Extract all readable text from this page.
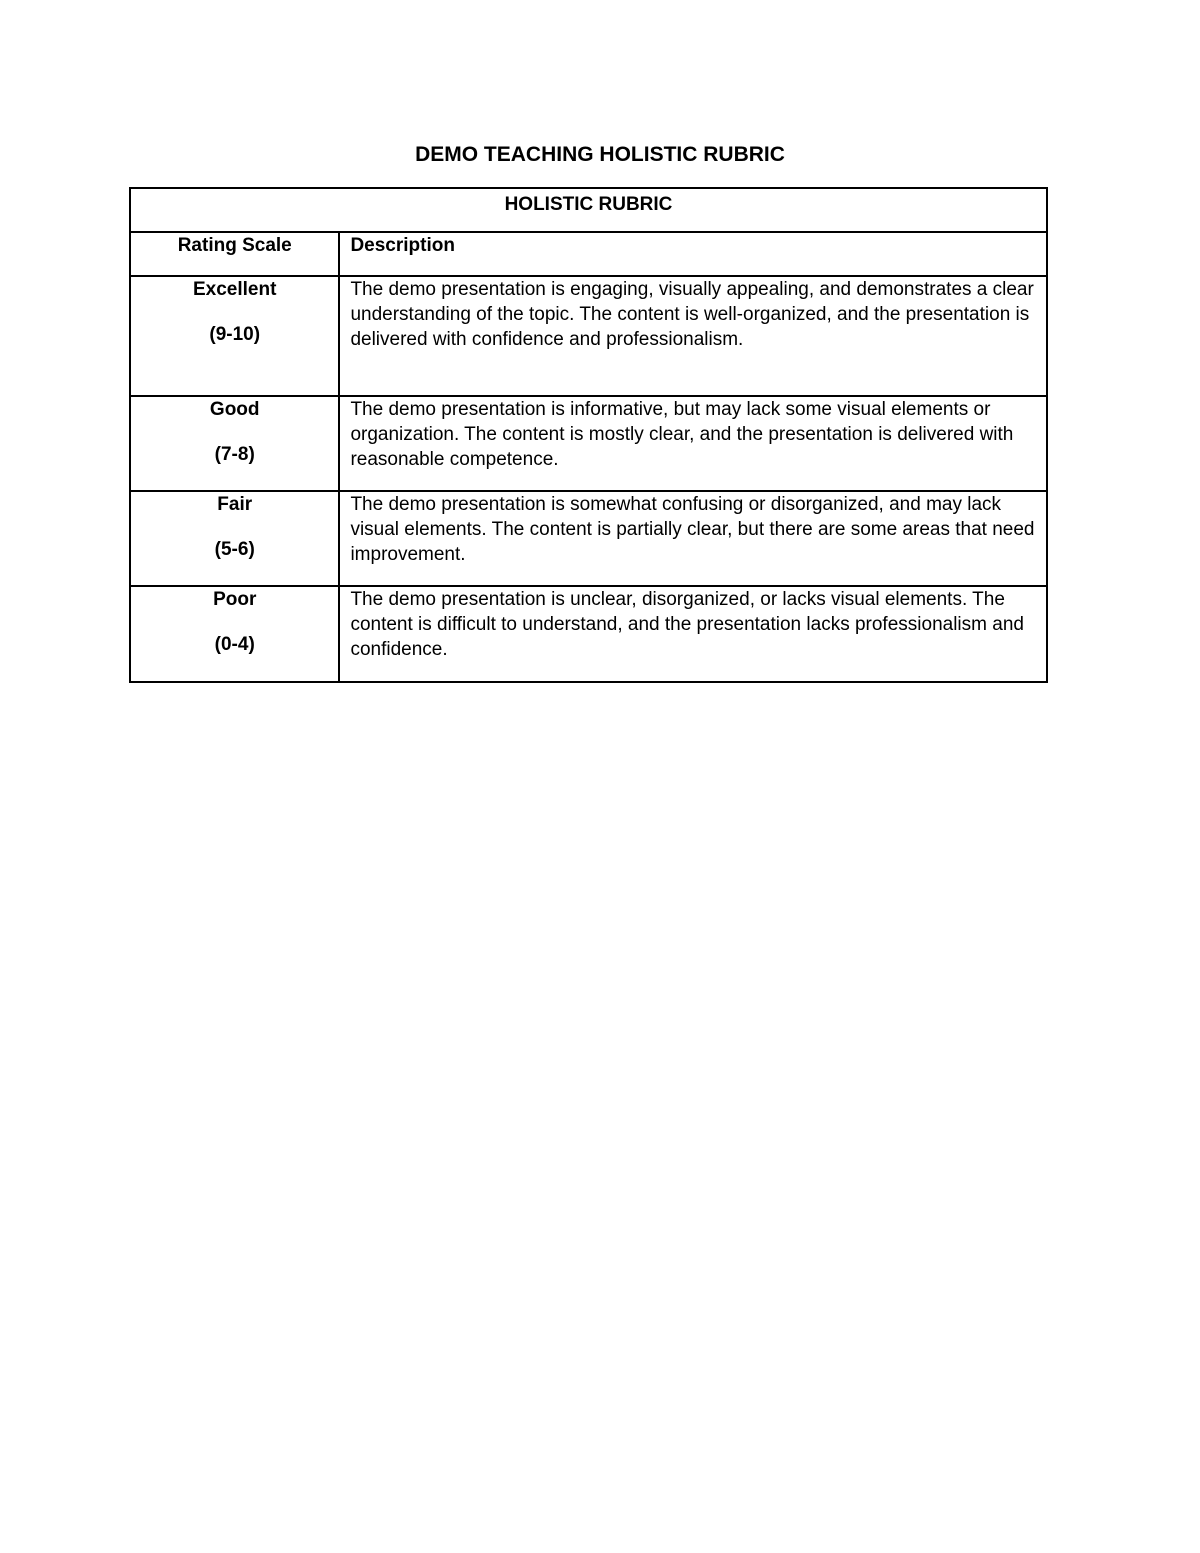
DEMO TEACHING HOLISTIC RUBRIC
HOLISTIC RUBRIC	

Rating Scale	Description

Excellent
(9-10)	The demo presentation is engaging, visually appealing, and demonstrates a clear understanding of the topic. The content is well-organized, and the presentation is delivered with confidence and professionalism.

Good
(7-8)	The demo presentation is informative, but may lack some visual elements or organization. The content is mostly clear, and the presentation is delivered with reasonable competence.

Fair
(5-6)	The demo presentation is somewhat confusing or disorganized, and may lack visual elements. The content is partially clear, but there are some areas that need improvement.

Poor
(0-4)	The demo presentation is unclear, disorganized, or lacks visual elements. The content is difficult to understand, and the presentation lacks professionalism and confidence.
